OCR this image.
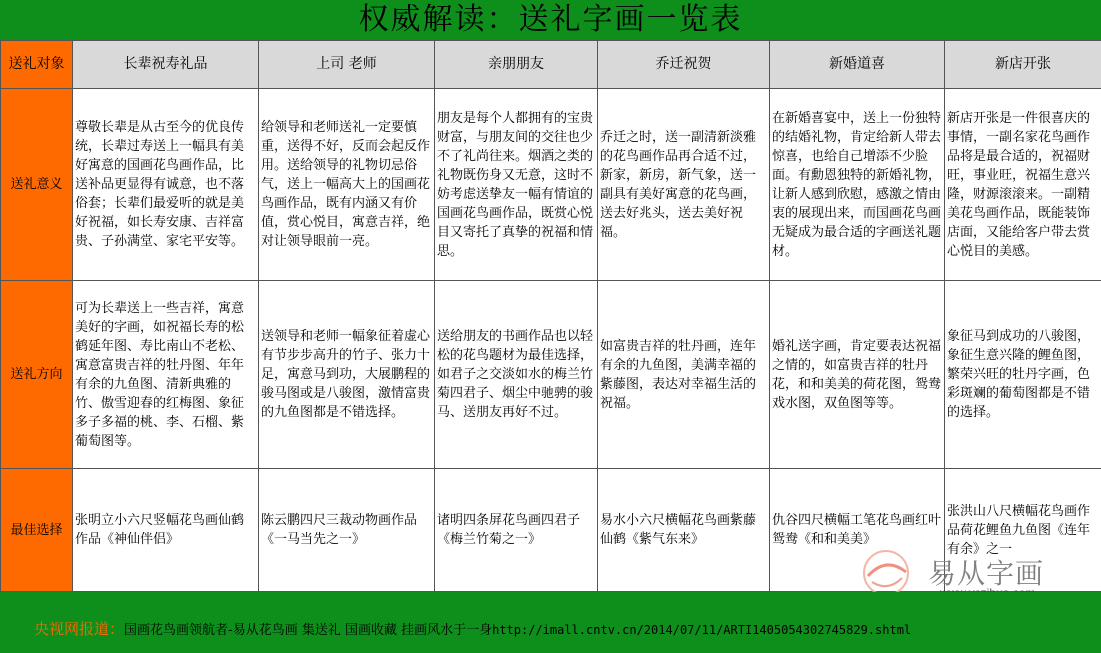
权威解读：送礼字画一览表
送礼对象	长辈祝寿礼品	上司 老师	亲朋朋友	乔迁祝贺	新婚道喜	新店开张
送礼意义	尊敬长辈是从古至今的优良传统，长辈过寿送上一幅具有美好寓意的国画花鸟画作品，比送补品更显得有诚意，也不落俗套；长辈们最爱听的就是美好祝福，如长寿安康、吉祥富贵、子孙满堂、家宅平安等。	给领导和老师送礼一定要慎重，送得不好，反而会起反作用。送给领导的礼物切忌俗气，送上一幅高大上的国画花鸟画作品，既有内涵又有价值，赏心悦目，寓意吉祥，绝对让领导眼前一亮。	朋友是每个人都拥有的宝贵财富，与朋友间的交往也少不了礼尚往来。烟酒之类的礼物既伤身又无意，这时不妨考虑送挚友一幅有情谊的国画花鸟画作品，既赏心悦目又寄托了真挚的祝福和情思。	乔迁之时，送一副清新淡雅的花鸟画作品再合适不过，新家，新房，新气象，送一副具有美好寓意的花鸟画，送去好兆头，送去美好祝福。	在新婚喜宴中，送上一份独特的结婚礼物，肯定给新人带去惊喜，也给自己增添不少脸面。有勳恩独特的新婚礼物，让新人感到欣慰，感激之情由衷的展现出来，而国画花鸟画无疑成为最合适的字画送礼题材。	新店开张是一件很喜庆的事情，一副名家花鸟画作品将是最合适的，祝福财旺，事业旺，祝福生意兴隆，财源滚滚来。一副精美花鸟画作品，既能装饰店面，又能给客户带去赏心悦目的美感。
送礼方向	可为长辈送上一些吉祥，寓意美好的字画，如祝福长寿的松鹤延年图、寿比南山不老松、寓意富贵吉祥的牡丹图、年年有余的九鱼图、清新典雅的竹、傲雪迎春的红梅图、象征多子多福的桃、李、石榴、紫葡萄图等。	送领导和老师一幅象征着虚心有节步步高升的竹子、张力十足，寓意马到功，大展鹏程的骏马图或是八骏图，激情富贵的九鱼图都是不错选择。	送给朋友的书画作品也以轻松的花鸟题材为最佳选择，如君子之交淡如水的梅兰竹菊四君子、烟尘中驰骋的骏马、送朋友再好不过。	如富贵吉祥的牡丹画，连年有余的九鱼图，美满幸福的紫藤图，表达对幸福生活的祝福。	婚礼送字画，肯定要表达祝福之情的，如富贵吉祥的牡丹花，和和美美的荷花图，鸳鸯戏水图，双鱼图等等。	象征马到成功的八骏图，象征生意兴隆的鲤鱼图，繁荣兴旺的牡丹字画，色彩斑斓的葡萄图都是不错的选择。
最佳选择	张明立小六尺竖幅花鸟画仙鹤作品《神仙伴侣》	陈云鹏四尺三裁动物画作品《一马当先之一》	诸明四条屏花鸟画四君子《梅兰竹菊之一》	易水小六尺横幅花鸟画紫藤仙鹤《紫气东来》	仇谷四尺横幅工笔花鸟画红叶鸳鸯《和和美美》	张洪山八尺横幅花鸟画作品荷花鲤鱼九鱼图《连年有余》之一
易从字画
央视网报道：国画花鸟画领航者-易从花鸟画 集送礼 国画收藏 挂画风水于一身http://imall.cntv.cn/2014/07/11/ARTI1405054302745829.shtml
